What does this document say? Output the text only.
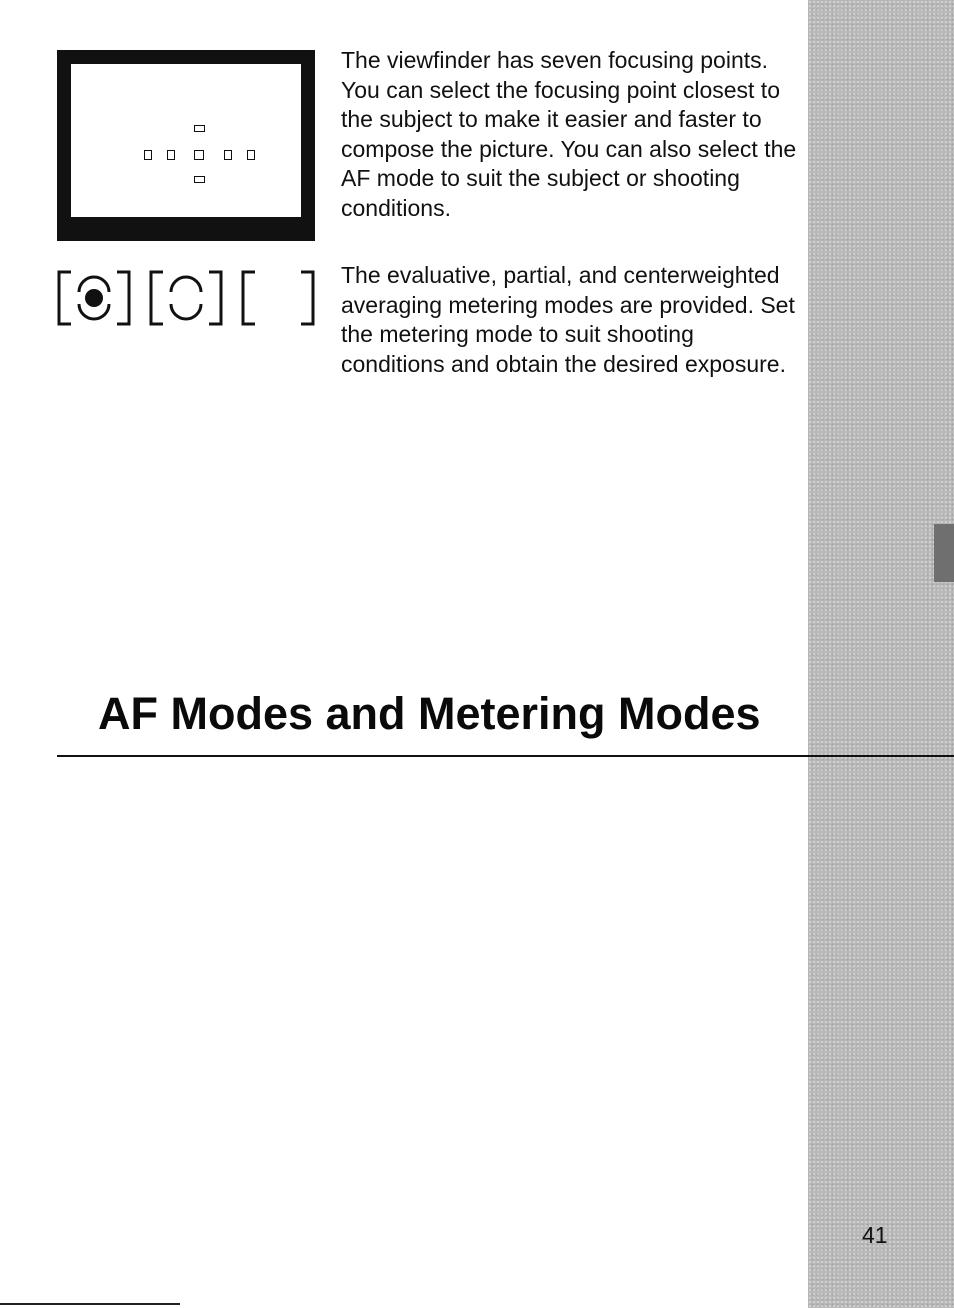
The viewfinder has seven focusing points. You can select the focusing point closest to the subject to make it easier and faster to compose the picture. You can also select the AF mode to suit the subject or shooting conditions.

The evaluative, partial, and centerweighted averaging metering modes are provided. Set the metering mode to suit shooting conditions and obtain the desired exposure.

AF Modes and Metering Modes
41
